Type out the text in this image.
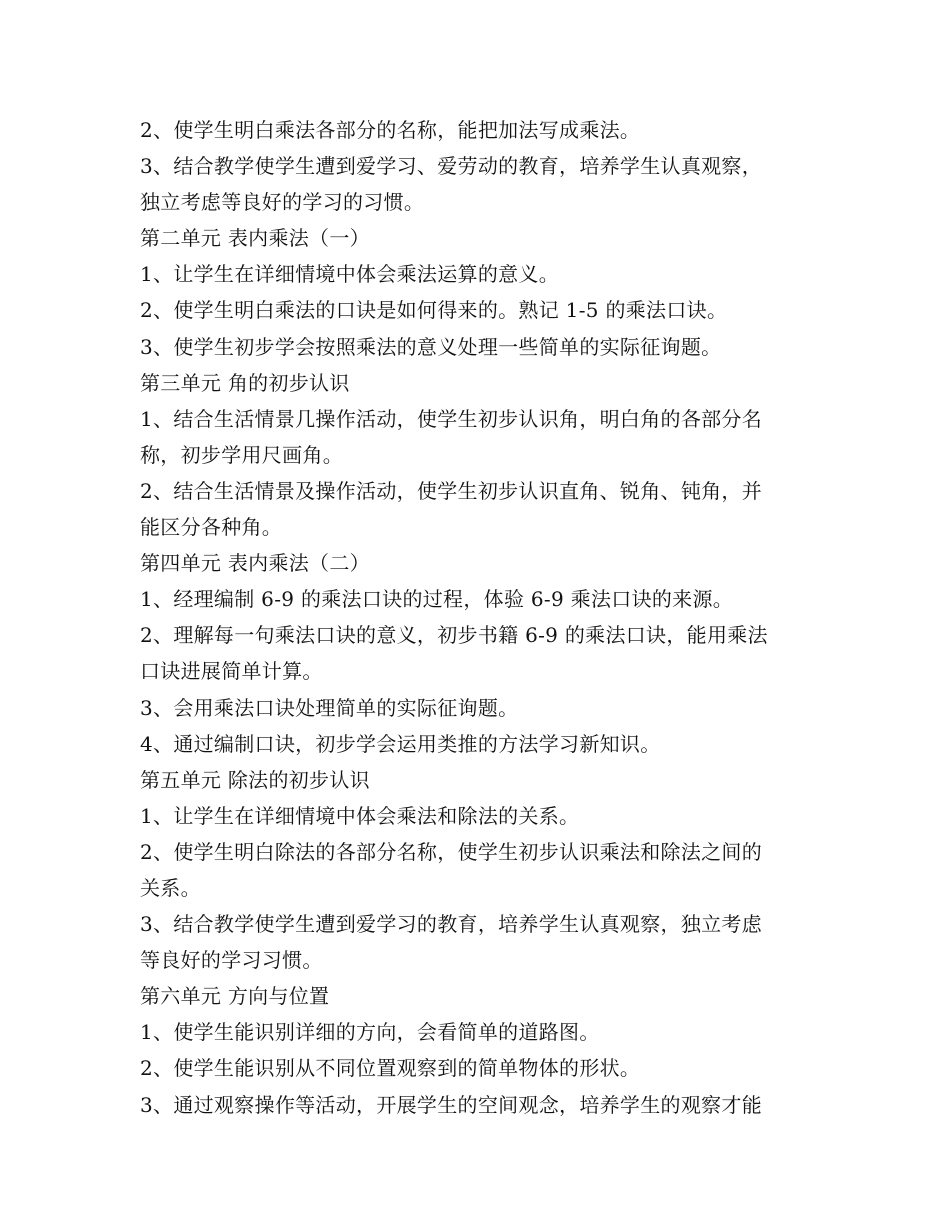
2、使学生明白乘法各部分的名称，能把加法写成乘法。
3、结合教学使学生遭到爱学习、爱劳动的教育，培养学生认真观察，
独立考虑等良好的学习的习惯。
第二单元 表内乘法（一）
1、让学生在详细情境中体会乘法运算的意义。
2、使学生明白乘法的口诀是如何得来的。熟记 1-5 的乘法口诀。
3、使学生初步学会按照乘法的意义处理一些简单的实际征询题。
第三单元 角的初步认识
1、结合生活情景几操作活动，使学生初步认识角，明白角的各部分名
称，初步学用尺画角。
2、结合生活情景及操作活动，使学生初步认识直角、锐角、钝角，并
能区分各种角。
第四单元 表内乘法（二）
1、经理编制 6-9 的乘法口诀的过程，体验 6-9 乘法口诀的来源。
2、理解每一句乘法口诀的意义，初步书籍 6-9 的乘法口诀，能用乘法
口诀进展简单计算。
3、会用乘法口诀处理简单的实际征询题。
4、通过编制口诀，初步学会运用类推的方法学习新知识。
第五单元 除法的初步认识
1、让学生在详细情境中体会乘法和除法的关系。
2、使学生明白除法的各部分名称，使学生初步认识乘法和除法之间的
关系。
3、结合教学使学生遭到爱学习的教育，培养学生认真观察，独立考虑
等良好的学习习惯。
第六单元 方向与位置
1、使学生能识别详细的方向，会看简单的道路图。
2、使学生能识别从不同位置观察到的简单物体的形状。
3、通过观察操作等活动，开展学生的空间观念，培养学生的观察才能
